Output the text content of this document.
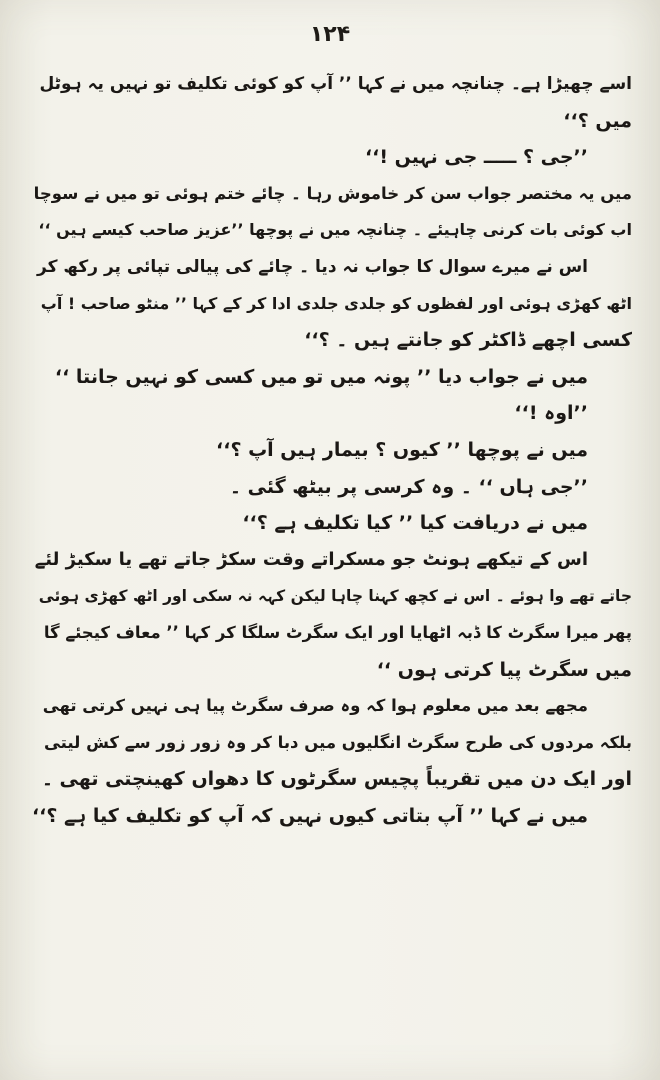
۱۲۴
اسے چھیڑا ہے۔ چنانچہ میں نے کہا ’’ آپ کو کوئی تکلیف تو نہیں یہ ہوٹل
میں ؟‘‘
’’جی ؟ ـــــ جی نہیں !‘‘
میں یہ مختصر جواب سن کر خاموش رہا ۔ چائے ختم ہوئی تو میں نے سوچا
اب کوئی بات کرنی چاہیئے ۔ چنانچہ میں نے پوچھا ’’عزیز صاحب کیسے ہیں ‘‘
اس نے میرے سوال کا جواب نہ دیا ۔ چائے کی پیالی تپائی پر رکھ کر
اٹھ کھڑی ہوئی اور لفظوں کو جلدی جلدی ادا کر کے کہا ’’ منٹو صاحب ! آپ
کسی اچھے ڈاکٹر کو جانتے ہیں ۔ ؟‘‘
میں نے جواب دیا ’’ پونہ میں تو میں کسی کو نہیں جانتا ‘‘
’’اوہ !‘‘
میں نے پوچھا ’’ کیوں ؟ بیمار ہیں آپ ؟‘‘
’’جی ہاں ‘‘ ۔ وہ کرسی پر بیٹھ گئی ۔
میں نے دریافت کیا ’’ کیا تکلیف ہے ؟‘‘
اس کے تیکھے ہونٹ جو مسکراتے وقت سکڑ جاتے تھے یا سکیڑ لئے
جاتے تھے وا ہوئے ۔ اس نے کچھ کہنا چاہا لیکن کہہ نہ سکی اور اٹھ کھڑی ہوئی
پھر میرا سگرٹ کا ڈبہ اٹھایا اور ایک سگرٹ سلگا کر کہا ’’ معاف کیجئے گا
میں سگرٹ پیا کرتی ہوں ‘‘
مجھے بعد میں معلوم ہوا کہ وہ صرف سگرٹ پیا ہی نہیں کرتی تھی
بلکہ مردوں کی طرح سگرٹ انگلیوں میں دبا کر وہ زور زور سے کش لیتی
اور ایک دن میں تقریباً پچیس سگرٹوں کا دھواں کھینچتی تھی ۔
میں نے کہا ’’ آپ بتاتی کیوں نہیں کہ آپ کو تکلیف کیا ہے ؟‘‘
